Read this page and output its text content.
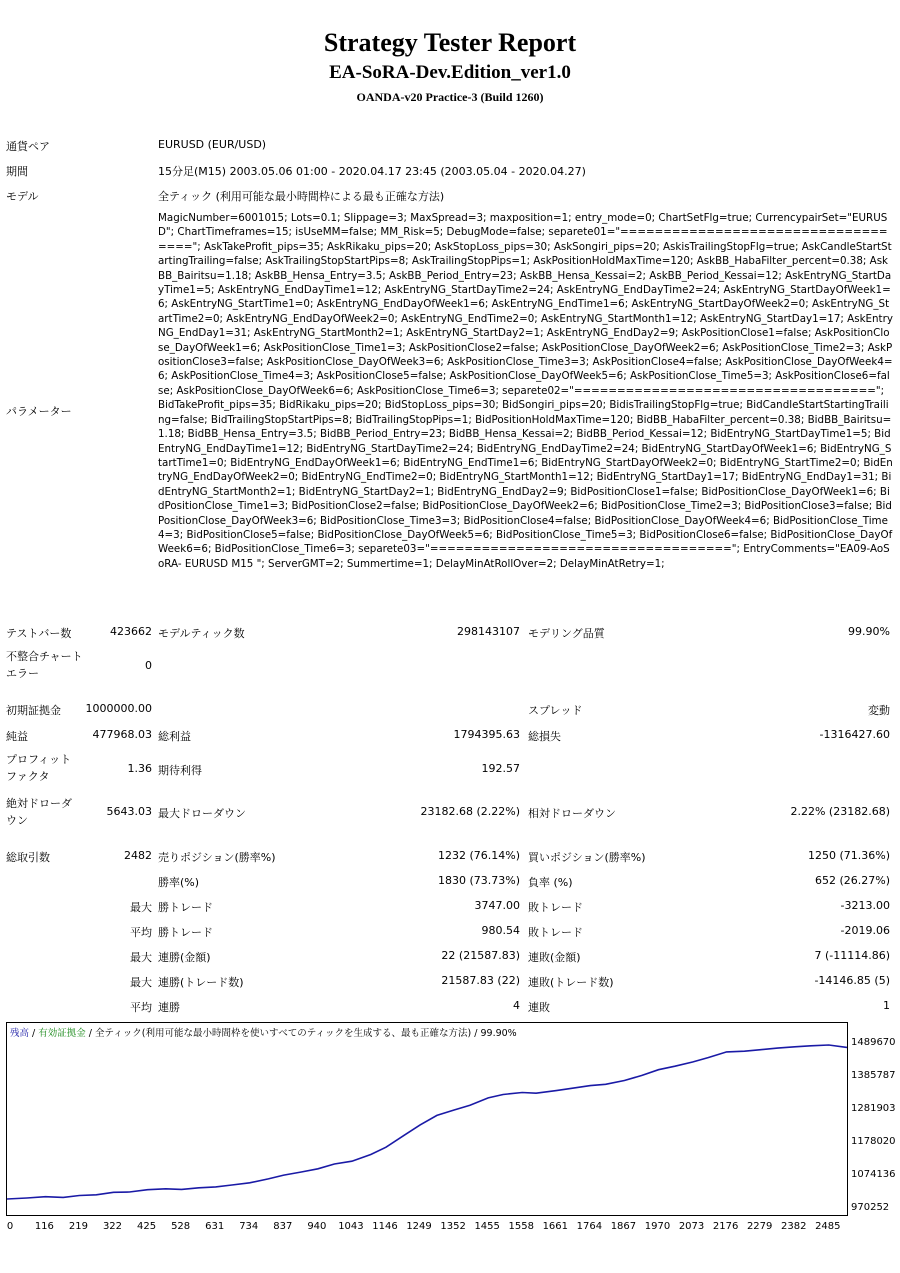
Strategy Tester Report
EA-SoRA-Dev.Edition_ver1.0
OANDA-v20 Practice-3 (Build 1260)
通貨ペア	EURUSD (EUR/USD)
期間	15分足(M15) 2003.05.06 01:00 - 2020.04.17 23:45 (2003.05.04 - 2020.04.27)
モデル	全ティック (利用可能な最小時間枠による最も正確な方法)
パラメーター
MagicNumber=6001015; Lots=0.1; Slippage=3; MaxSpread=3; maxposition=1; entry_mode=0; ChartSetFlg=true; CurrencypairSet="EURUSD"; ChartTimeframes=15; isUseMM=false; MM_Risk=5; DebugMode=false; separete01="==================================="; AskTakeProfit_pips=35; AskRikaku_pips=20; AskStopLoss_pips=30; AskSongiri_pips=20; AskisTrailingStopFlg=true; AskCandleStartStartingTrailing=false; AskTrailingStopStartPips=8; AskTrailingStopPips=1; AskPositionHoldMaxTime=120; AskBB_HabaFilter_percent=0.38; AskBB_Bairitsu=1.18; AskBB_Hensa_Entry=3.5; AskBB_Period_Entry=23; AskBB_Hensa_Kessai=2; AskBB_Period_Kessai=12; AskEntryNG_StartDayTime1=5; AskEntryNG_EndDayTime1=12; AskEntryNG_StartDayTime2=24; AskEntryNG_EndDayTime2=24; AskEntryNG_StartDayOfWeek1=6; AskEntryNG_StartTime1=0; AskEntryNG_EndDayOfWeek1=6; AskEntryNG_EndTime1=6; AskEntryNG_StartDayOfWeek2=0; AskEntryNG_StartTime2=0; AskEntryNG_EndDayOfWeek2=0; AskEntryNG_EndTime2=0; AskEntryNG_StartMonth1=12; AskEntryNG_StartDay1=17; AskEntryNG_EndDay1=31; AskEntryNG_StartMonth2=1; AskEntryNG_StartDay2=1; AskEntryNG_EndDay2=9; AskPositionClose1=false; AskPositionClose_DayOfWeek1=6; AskPositionClose_Time1=3; AskPositionClose2=false; AskPositionClose_DayOfWeek2=6; AskPositionClose_Time2=3; AskPositionClose3=false; AskPositionClose_DayOfWeek3=6; AskPositionClose_Time3=3; AskPositionClose4=false; AskPositionClose_DayOfWeek4=6; AskPositionClose_Time4=3; AskPositionClose5=false; AskPositionClose_DayOfWeek5=6; AskPositionClose_Time5=3; AskPositionClose6=false; AskPositionClose_DayOfWeek6=6; AskPositionClose_Time6=3; separete02="==================================="; BidTakeProfit_pips=35; BidRikaku_pips=20; BidStopLoss_pips=30; BidSongiri_pips=20; BidisTrailingStopFlg=true; BidCandleStartStartingTrailing=false; BidTrailingStopStartPips=8; BidTrailingStopPips=1; BidPositionHoldMaxTime=120; BidBB_HabaFilter_percent=0.38; BidBB_Bairitsu=1.18; BidBB_Hensa_Entry=3.5; BidBB_Period_Entry=23; BidBB_Hensa_Kessai=2; BidBB_Period_Kessai=12; BidEntryNG_StartDayTime1=5; BidEntryNG_EndDayTime1=12; BidEntryNG_StartDayTime2=24; BidEntryNG_EndDayTime2=24; BidEntryNG_StartDayOfWeek1=6; BidEntryNG_StartTime1=0; BidEntryNG_EndDayOfWeek1=6; BidEntryNG_EndTime1=6; BidEntryNG_StartDayOfWeek2=0; BidEntryNG_StartTime2=0; BidEntryNG_EndDayOfWeek2=0; BidEntryNG_EndTime2=0; BidEntryNG_StartMonth1=12; BidEntryNG_StartDay1=17; BidEntryNG_EndDay1=31; BidEntryNG_StartMonth2=1; BidEntryNG_StartDay2=1; BidEntryNG_EndDay2=9; BidPositionClose1=false; BidPositionClose_DayOfWeek1=6; BidPositionClose_Time1=3; BidPositionClose2=false; BidPositionClose_DayOfWeek2=6; BidPositionClose_Time2=3; BidPositionClose3=false; BidPositionClose_DayOfWeek3=6; BidPositionClose_Time3=3; BidPositionClose4=false; BidPositionClose_DayOfWeek4=6; BidPositionClose_Time4=3; BidPositionClose5=false; BidPositionClose_DayOfWeek5=6; BidPositionClose_Time5=3; BidPositionClose6=false; BidPositionClose_DayOfWeek6=6; BidPositionClose_Time6=3; separete03="==================================="; EntryComments="EA09-AoSoRA- EURUSD M15 "; ServerGMT=2; Summertime=1; DelayMinAtRollOver=2; DelayMinAtRetry=1;
テストバー数	423662 モデルティック数	298143107 モデリング品質	99.90%
不整合チャート
エラー
0
初期証拠金 1000000.00	スプレッド	変動
純益	477968.03 総利益	1794395.63 総損失	-1316427.60
プロフィット
ファクタ
1.36 期待利得	192.57
絶対ドローダ
ウン
5643.03 最大ドローダウン	23182.68 (2.22%) 相対ドローダウン	2.22% (23182.68)
総取引数	2482 売りポジション(勝率%)	1232 (76.14%) 買いポジション(勝率%)	1250 (71.36%)
勝率(%)	1830 (73.73%) 負率 (%)	652 (26.27%)
最大 勝トレード	3747.00 敗トレード	-3213.00
平均 勝トレード	980.54 敗トレード	-2019.06
最大 連勝(金額)	22 (21587.83) 連敗(金額)	7 (-11114.86)
最大 連勝(トレード数)	21587.83 (22) 連敗(トレード数)	-14146.85 (5)
平均 連勝	4 連敗	1
残高 / 有効証拠金 / 全ティック(利用可能な最小時間枠を使いすべてのティックを生成する、最も正確な方法) / 99.90%
970252
1074136
1178020
1281903
1385787
1489670
0 116 219 322 425 528 631 734 837 940 1043 1146 1249 1352 1455 1558 1661 1764 1867 1970 2073 2176 2279 2382 2485
